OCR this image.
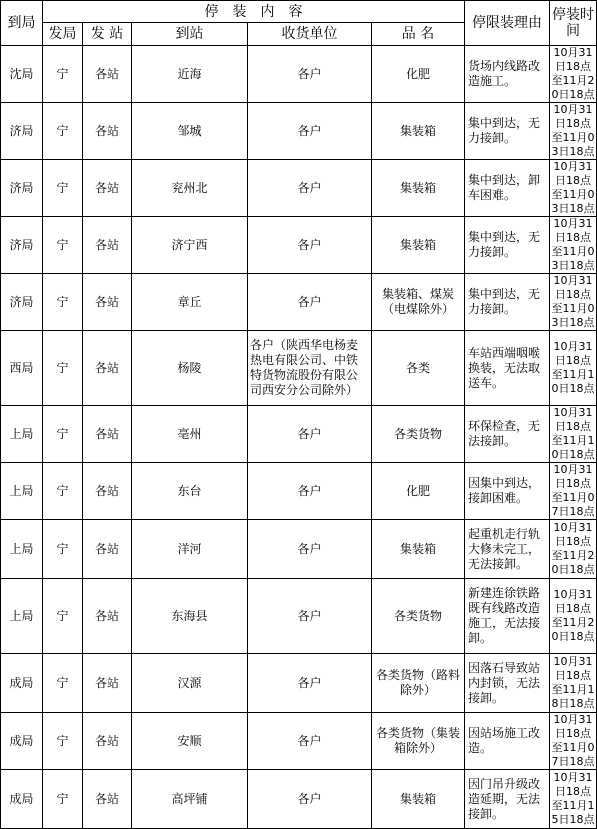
到局	停　装　内　容					停限装理由	停装时间
	发局	发 站	到站	收货单位	品 名		
沈局	宁	各站	近海	各户	化肥	货场内线路改造施工。	10月31日18点至11月20日18点
济局	宁	各站	邹城	各户	集装箱	集中到达，无力接卸。	10月31日18点至11月03日18点
济局	宁	各站	兖州北	各户	集装箱	集中到达，卸车困难。	10月31日18点至11月03日18点
济局	宁	各站	济宁西	各户	集装箱	集中到达，无力接卸。	10月31日18点至11月03日18点
济局	宁	各站	章丘	各户	集装箱、煤炭（电煤除外）	集中到达，无力接卸。	10月31日18点至11月03日18点
西局	宁	各站	杨陵	各户（陕西华电杨麦热电有限公司、中铁特货物流股份有限公司西安分公司除外）	各类	车站西端咽喉换装，无法取送车。	10月31日18点至11月10日18点
上局	宁	各站	亳州	各户	各类货物	环保检查，无法接卸。	10月31日18点至11月10日18点
上局	宁	各站	东台	各户	化肥	因集中到达，接卸困难。	10月31日18点至11月07日18点
上局	宁	各站	洋河	各户	集装箱	起重机走行轨大修未完工，无法接卸。	10月31日18点至11月20日18点
上局	宁	各站	东海县	各户	各类货物	新建连徐铁路既有线路改造施工，无法接卸。	10月31日18点至11月20日18点
成局	宁	各站	汉源	各户	各类货物（路料除外）	因落石导致站内封锁，无法接卸。	10月31日18点至11月18日18点
成局	宁	各站	安顺	各户	各类货物（集装箱除外）	因站场施工改造。	10月31日18点至11月07日18点
成局	宁	各站	高坪铺	各户	集装箱	因门吊升级改造延期，无法接卸。	10月31日18点至11月15日18点
